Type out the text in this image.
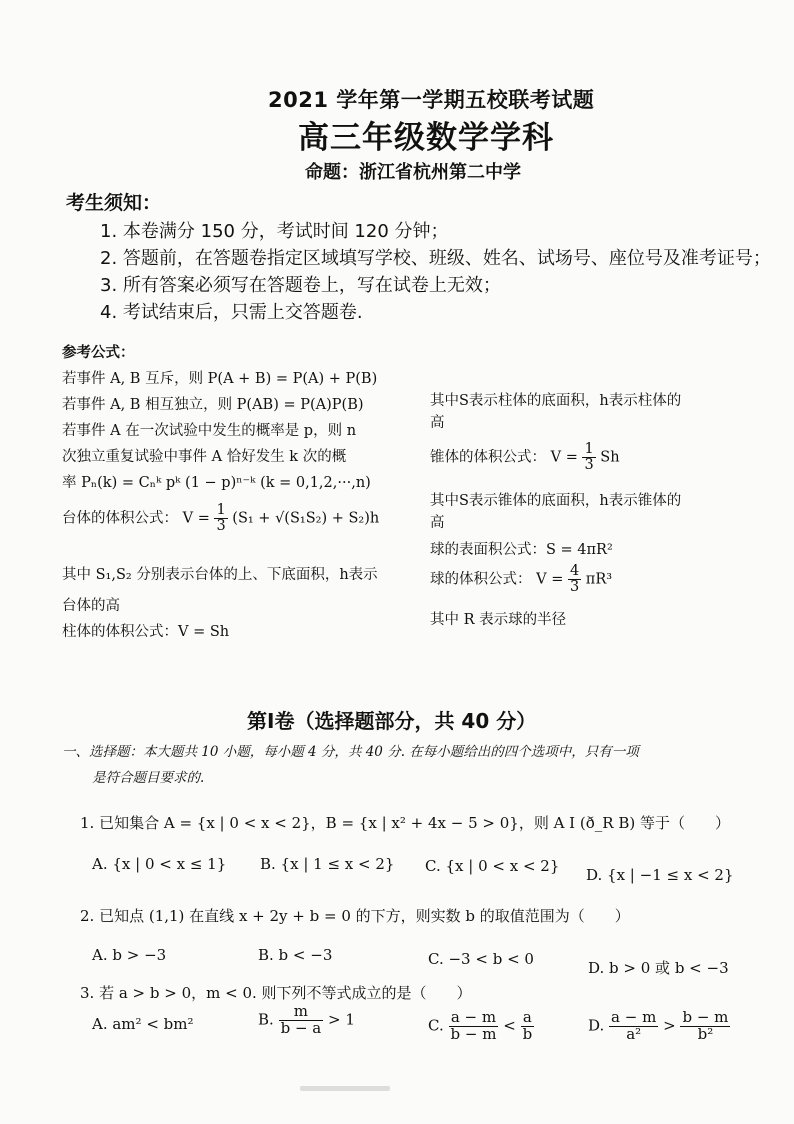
2021 学年第一学期五校联考试题
高三年级数学学科
命题：浙江省杭州第二中学
考生须知：
1. 本卷满分 150 分，考试时间 120 分钟；
2. 答题前，在答题卷指定区域填写学校、班级、姓名、试场号、座位号及准考证号；
3. 所有答案必须写在答题卷上，写在试卷上无效；
4. 考试结束后，只需上交答题卷.
参考公式：
若事件 A, B 互斥，则 P(A + B) = P(A) + P(B)
若事件 A, B 相互独立，则 P(AB) = P(A)P(B)
若事件 A 在一次试验中发生的概率是 p，则 n
次独立重复试验中事件 A 恰好发生 k 次的概
率 Pₙ(k) = Cₙᵏ pᵏ (1 − p)ⁿ⁻ᵏ (k = 0,1,2,···,n)
台体的体积公式： $V = \frac{1}{3} (S_1 + √(S_1S_2) + S_2)h$
其中 S₁,S₂ 分别表示台体的上、下底面积，h表示
台体的高
柱体的体积公式：V = Sh
其中S表示柱体的底面积，h表示柱体的
高
锥体的体积公式： $V = \frac{1}{3}$ Sh
其中S表示锥体的底面积，h表示锥体的
高
球的表面积公式：S = 4πR²
球的体积公式： $V = \frac{4}{3} \pi R^3$
其中 R 表示球的半径
第Ⅰ卷（选择题部分，共 40 分）
一、选择题：本大题共 10 小题，每小题 4 分，共 40 分. 在每小题给出的四个选项中，只有一项
是符合题目要求的.
1. 已知集合 A = {x | 0 < x < 2}，B = {x | x² + 4x − 5 > 0}，则 A I (ð_R B) 等于（　　）
A. {x | 0 < x ≤ 1} B. {x | 1 ≤ x < 2} C. {x | 0 < x < 2} D. {x | −1 ≤ x < 2}
2. 已知点 (1,1) 在直线 x + 2y + b = 0 的下方，则实数 b 的取值范围为（　　）
A. b > −3	B. b < −3	C. −3 < b < 0	D. b > 0 或 b < −3
3. 若 a > b > 0，m < 0. 则下列不等式成立的是（　　）
A. am² < bm²	B. $\frac{m}{b - a} > 1$	C. $\frac{a - m}{b - m} < \frac{a}{b}$	D. $\frac{a - m}{\text{a²}} > \frac{b - m}{\text{b²}}$
